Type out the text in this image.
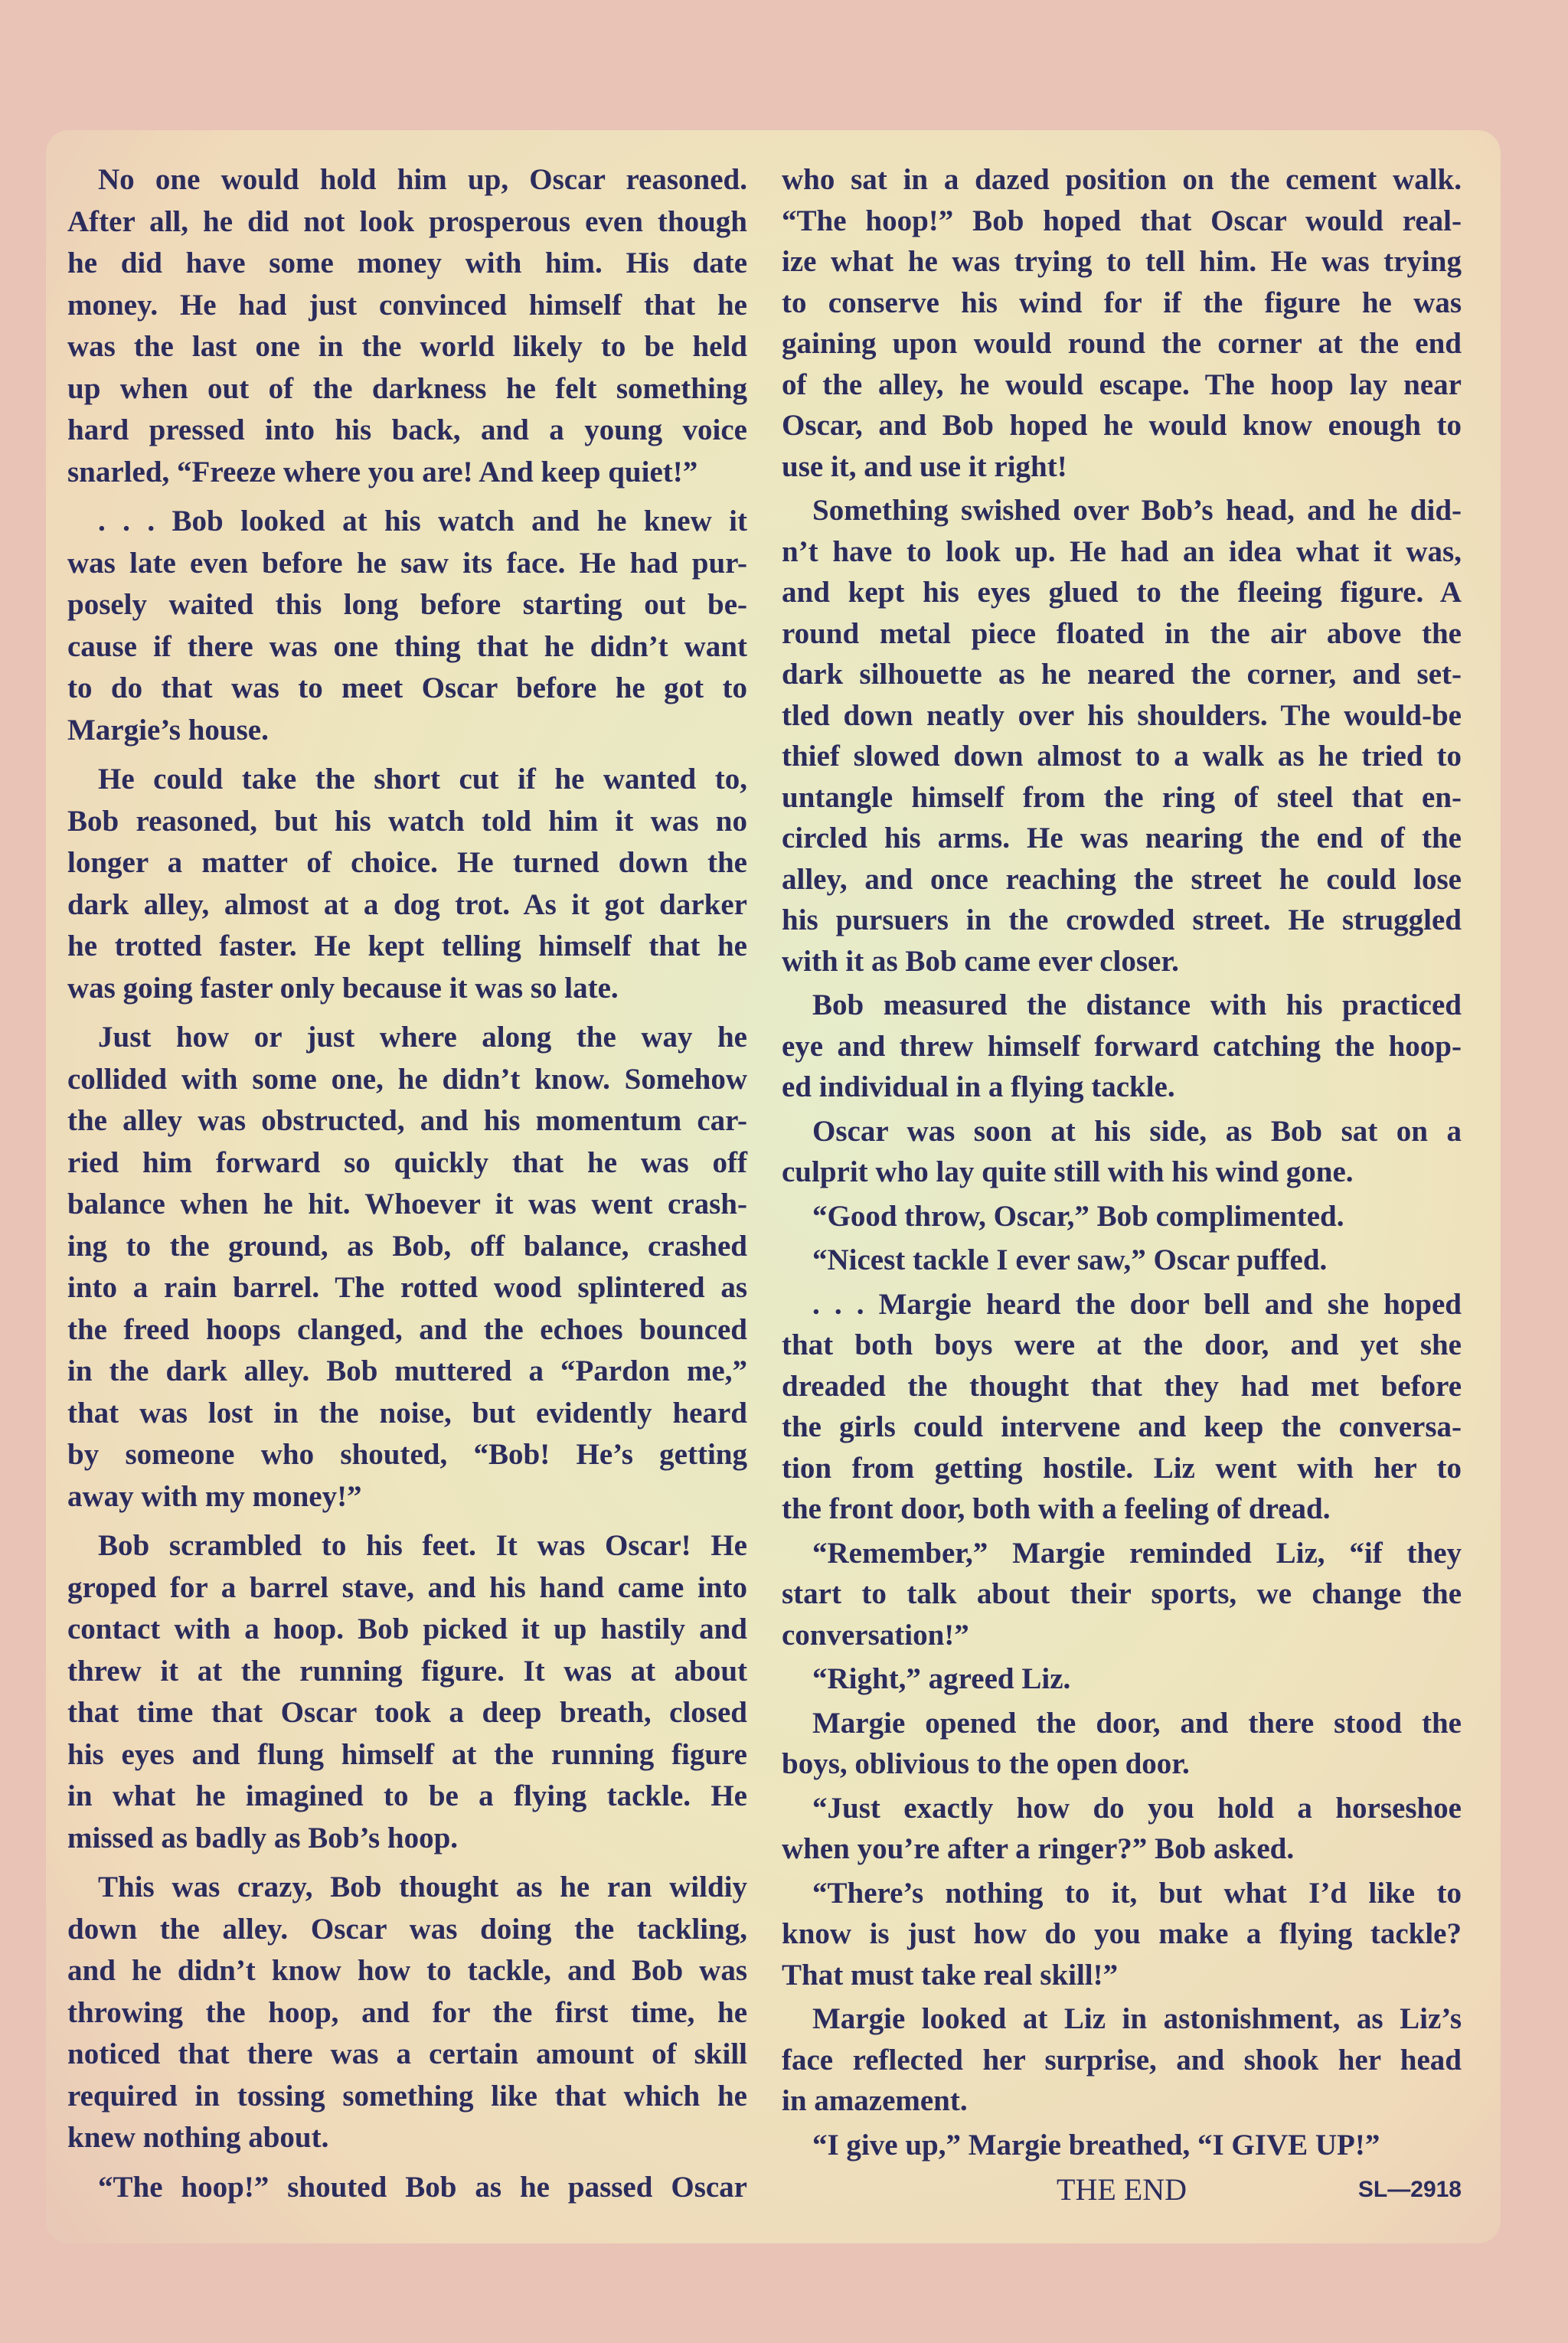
No one would hold him up, Oscar reasoned.
After all, he did not look prosperous even though
he did have some money with him. His date
money. He had just convinced himself that he
was the last one in the world likely to be held
up when out of the darkness he felt something
hard pressed into his back, and a young voice
snarled, “Freeze where you are! And keep quiet!”
. . . Bob looked at his watch and he knew it
was late even before he saw its face. He had pur-
posely waited this long before starting out be-
cause if there was one thing that he didn’t want
to do that was to meet Oscar before he got to
Margie’s house.
He could take the short cut if he wanted to,
Bob reasoned, but his watch told him it was no
longer a matter of choice. He turned down the
dark alley, almost at a dog trot. As it got darker
he trotted faster. He kept telling himself that he
was going faster only because it was so late.
Just how or just where along the way he
collided with some one, he didn’t know. Somehow
the alley was obstructed, and his momentum car-
ried him forward so quickly that he was off
balance when he hit. Whoever it was went crash-
ing to the ground, as Bob, off balance, crashed
into a rain barrel. The rotted wood splintered as
the freed hoops clanged, and the echoes bounced
in the dark alley. Bob muttered a “Pardon me,”
that was lost in the noise, but evidently heard
by someone who shouted, “Bob! He’s getting
away with my money!”
Bob scrambled to his feet. It was Oscar! He
groped for a barrel stave, and his hand came into
contact with a hoop. Bob picked it up hastily and
threw it at the running figure. It was at about
that time that Oscar took a deep breath, closed
his eyes and flung himself at the running figure
in what he imagined to be a flying tackle. He
missed as badly as Bob’s hoop.
This was crazy, Bob thought as he ran wildiy
down the alley. Oscar was doing the tackling,
and he didn’t know how to tackle, and Bob was
throwing the hoop, and for the first time, he
noticed that there was a certain amount of skill
required in tossing something like that which he
knew nothing about.
“The hoop!” shouted Bob as he passed Oscar
who sat in a dazed position on the cement walk.
“The hoop!” Bob hoped that Oscar would real-
ize what he was trying to tell him. He was trying
to conserve his wind for if the figure he was
gaining upon would round the corner at the end
of the alley, he would escape. The hoop lay near
Oscar, and Bob hoped he would know enough to
use it, and use it right!
Something swished over Bob’s head, and he did-
n’t have to look up. He had an idea what it was,
and kept his eyes glued to the fleeing figure. A
round metal piece floated in the air above the
dark silhouette as he neared the corner, and set-
tled down neatly over his shoulders. The would-be
thief slowed down almost to a walk as he tried to
untangle himself from the ring of steel that en-
circled his arms. He was nearing the end of the
alley, and once reaching the street he could lose
his pursuers in the crowded street. He struggled
with it as Bob came ever closer.
Bob measured the distance with his practiced
eye and threw himself forward catching the hoop-
ed individual in a flying tackle.
Oscar was soon at his side, as Bob sat on a
culprit who lay quite still with his wind gone.
“Good throw, Oscar,” Bob complimented.
“Nicest tackle I ever saw,” Oscar puffed.
. . . Margie heard the door bell and she hoped
that both boys were at the door, and yet she
dreaded the thought that they had met before
the girls could intervene and keep the conversa-
tion from getting hostile. Liz went with her to
the front door, both with a feeling of dread.
“Remember,” Margie reminded Liz, “if they
start to talk about their sports, we change the
conversation!”
“Right,” agreed Liz.
Margie opened the door, and there stood the
boys, oblivious to the open door.
“Just exactly how do you hold a horseshoe
when you’re after a ringer?” Bob asked.
“There’s nothing to it, but what I’d like to
know is just how do you make a flying tackle?
That must take real skill!”
Margie looked at Liz in astonishment, as Liz’s
face reflected her surprise, and shook her head
in amazement.
“I give up,” Margie breathed, “I GIVE UP!”
THE END	SL—2918
